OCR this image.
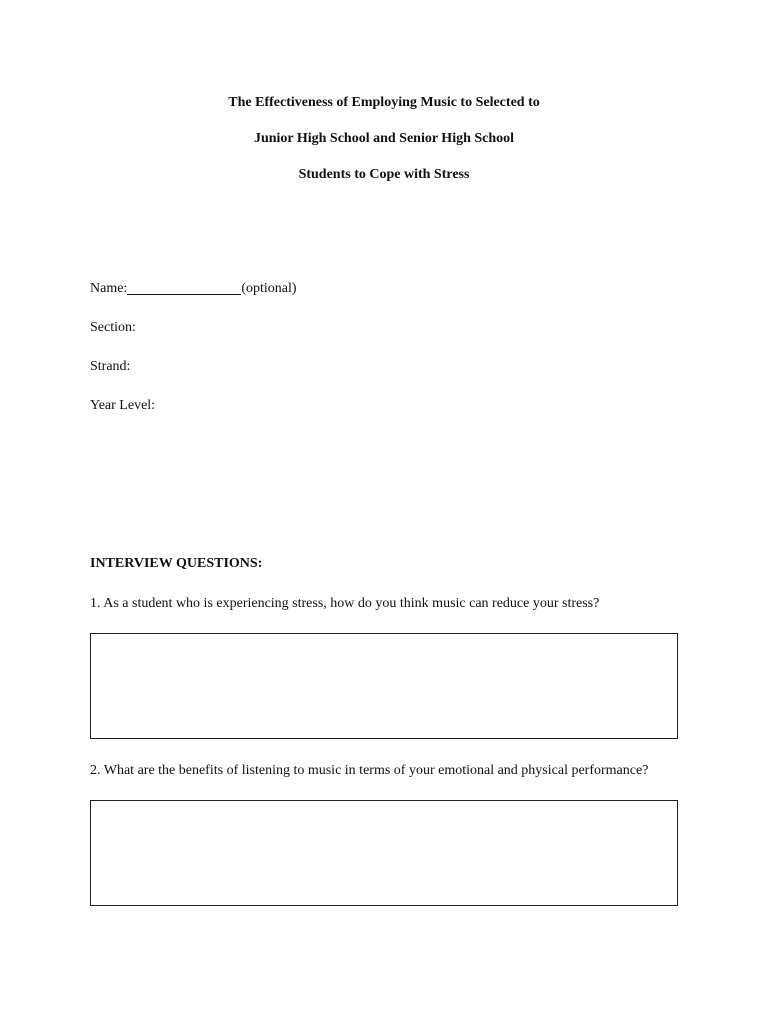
The Effectiveness of Employing Music to Selected to
Junior High School and Senior High School
Students to Cope with Stress
Name:	(optional)
Section:
Strand:
Year Level:
INTERVIEW QUESTIONS:
1. As a student who is experiencing stress, how do you think music can reduce your stress?
2. What are the benefits of listening to music in terms of your emotional and physical performance?
